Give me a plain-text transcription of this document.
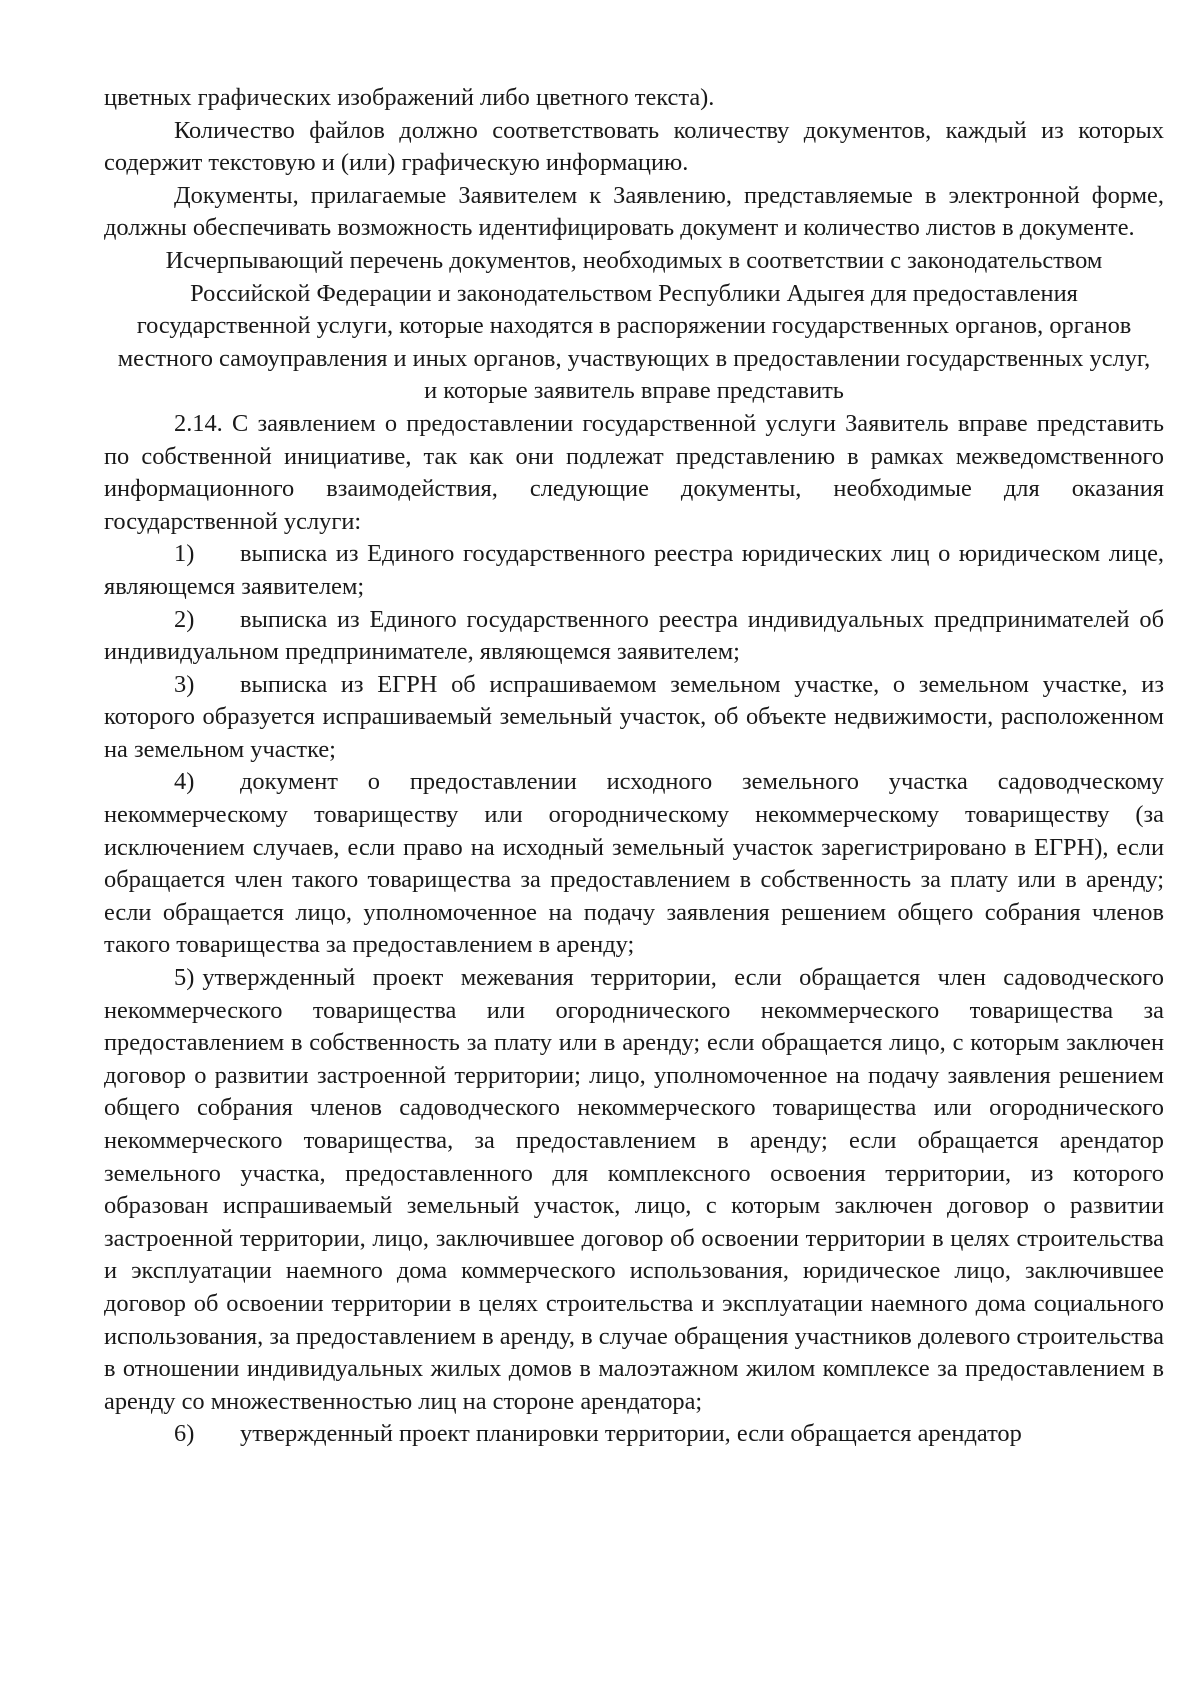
цветных графических изображений либо цветного текста).

Количество файлов должно соответствовать количеству документов, каждый из которых содержит текстовую и (или) графическую информацию.

Документы, прилагаемые Заявителем к Заявлению, представляемые в электронной форме, должны обеспечивать возможность идентифицировать документ и количество листов в документе.

Исчерпывающий перечень документов, необходимых в соответствии с законодательством Российской Федерации и законодательством Республики Адыгея для предоставления государственной услуги, которые находятся в распоряжении государственных органов, органов местного самоуправления и иных органов, участвующих в предоставлении государственных услуг, и которые заявитель вправе представить

2.14. С заявлением о предоставлении государственной услуги Заявитель вправе представить по собственной инициативе, так как они подлежат представлению в рамках межведомственного информационного взаимодействия, следующие документы, необходимые для оказания государственной услуги:

1) выписка из Единого государственного реестра юридических лиц о юридическом лице, являющемся заявителем;

2) выписка из Единого государственного реестра индивидуальных предпринимателей об индивидуальном предпринимателе, являющемся заявителем;

3) выписка из ЕГРН об испрашиваемом земельном участке, о земельном участке, из которого образуется испрашиваемый земельный участок, об объекте недвижимости, расположенном на земельном участке;

4) документ о предоставлении исходного земельного участка садоводческому некоммерческому товариществу или огородническому некоммерческому товариществу (за исключением случаев, если право на исходный земельный участок зарегистрировано в ЕГРН), если обращается член такого товарищества за предоставлением в собственность за плату или в аренду; если обращается лицо, уполномоченное на подачу заявления решением общего собрания членов такого товарищества за предоставлением в аренду;

5) утвержденный проект межевания территории, если обращается член садоводческого некоммерческого товарищества или огороднического некоммерческого товарищества за предоставлением в собственность за плату или в аренду; если обращается лицо, с которым заключен договор о развитии застроенной территории; лицо, уполномоченное на подачу заявления решением общего собрания членов садоводческого некоммерческого товарищества или огороднического некоммерческого товарищества, за предоставлением в аренду; если обращается арендатор земельного участка, предоставленного для комплексного освоения территории, из которого образован испрашиваемый земельный участок, лицо, с которым заключен договор о развитии застроенной территории, лицо, заключившее договор об освоении территории в целях строительства и эксплуатации наемного дома коммерческого использования, юридическое лицо, заключившее договор об освоении территории в целях строительства и эксплуатации наемного дома социального использования, за предоставлением в аренду, в случае обращения участников долевого строительства в отношении индивидуальных жилых домов в малоэтажном жилом комплексе за предоставлением в аренду со множественностью лиц на стороне арендатора;

6) утвержденный проект планировки территории, если обращается арендатор
